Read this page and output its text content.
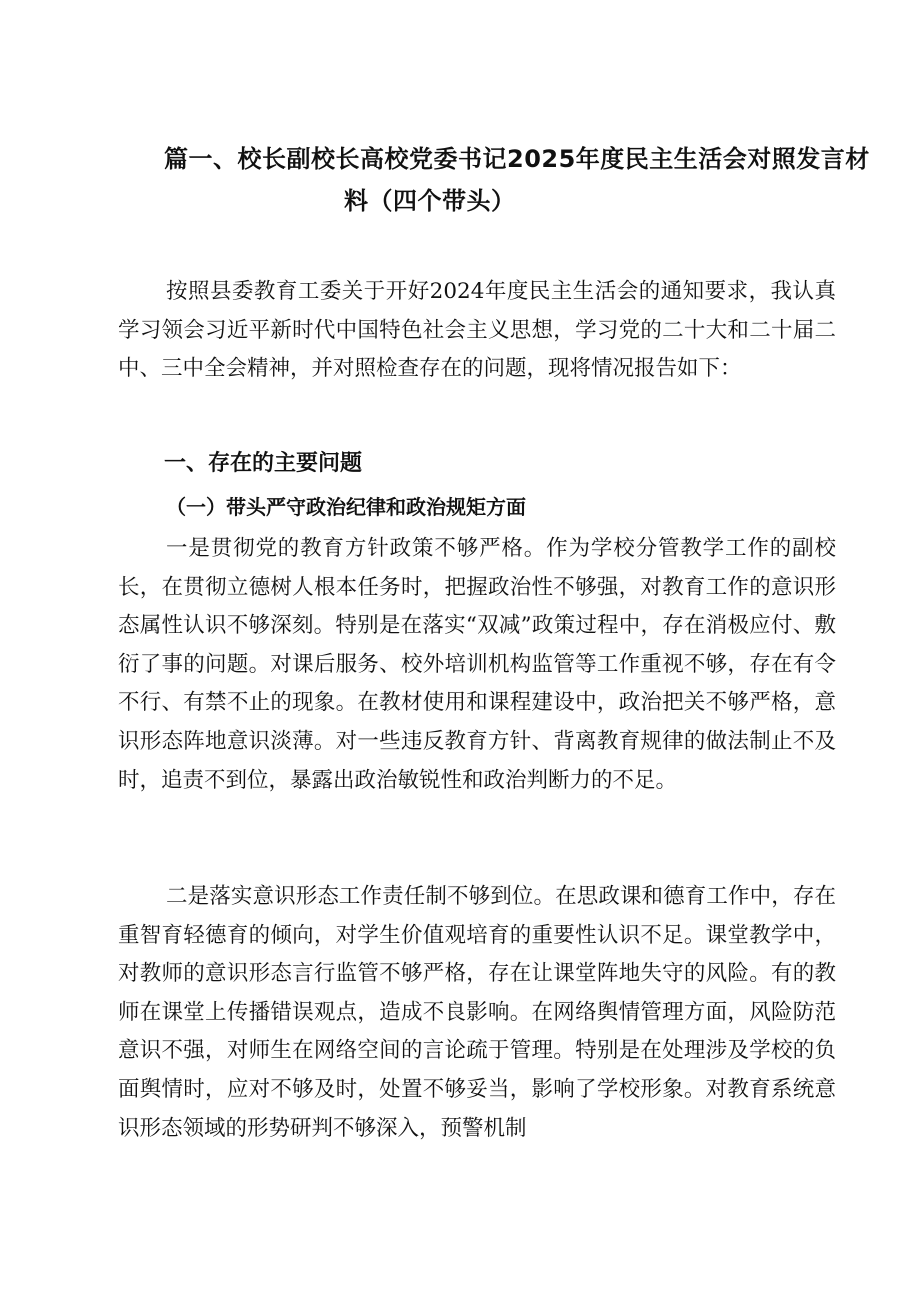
篇一、校长副校长高校党委书记2025年度民主生活会对照发言材
料（四个带头）

按照县委教育工委关于开好2024年度民主生活会的通知要求，我认真学习领会习近平新时代中国特色社会主义思想，学习党的二十大和二十届二中、三中全会精神，并对照检查存在的问题，现将情况报告如下：

一、存在的主要问题
（一）带头严守政治纪律和政治规矩方面

一是贯彻党的教育方针政策不够严格。作为学校分管教学工作的副校长，在贯彻立德树人根本任务时，把握政治性不够强，对教育工作的意识形态属性认识不够深刻。特别是在落实“双减”政策过程中，存在消极应付、敷衍了事的问题。对课后服务、校外培训机构监管等工作重视不够，存在有令不行、有禁不止的现象。在教材使用和课程建设中，政治把关不够严格，意识形态阵地意识淡薄。对一些违反教育方针、背离教育规律的做法制止不及时，追责不到位，暴露出政治敏锐性和政治判断力的不足。

二是落实意识形态工作责任制不够到位。在思政课和德育工作中，存在重智育轻德育的倾向，对学生价值观培育的重要性认识不足。课堂教学中，对教师的意识形态言行监管不够严格，存在让课堂阵地失守的风险。有的教师在课堂上传播错误观点，造成不良影响。在网络舆情管理方面，风险防范意识不强，对师生在网络空间的言论疏于管理。特别是在处理涉及学校的负面舆情时，应对不够及时，处置不够妥当，影响了学校形象。对教育系统意识形态领域的形势研判不够深入，预警机制
